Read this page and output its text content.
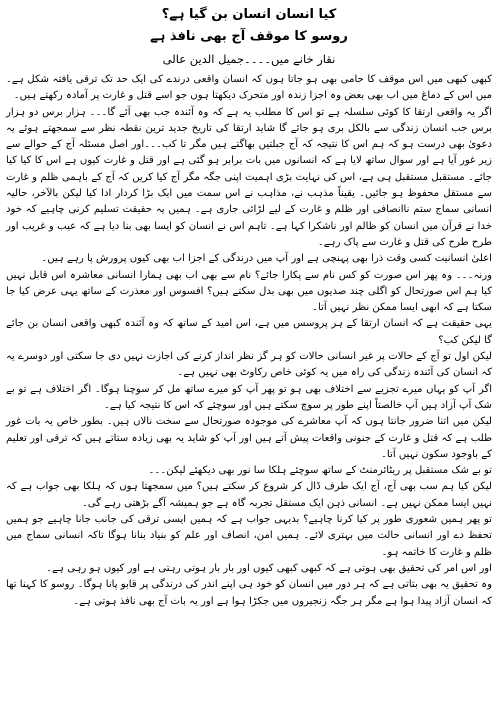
کیا انسان انسان بن گیا ہے؟
روسو کا موقف آج بھی نافذ ہے
نقار خانے میں۔۔۔۔جمیل الدین عالی

کبھی کبھی میں اس موقف کا حامی بھی ہو جاتا ہوں کہ انسان واقعی درندے کی ایک حد تک ترقی یافتہ شکل ہے۔ میں اس کے دماغ میں اب بھی بعض وہ اجزا زندہ اور متحرک دیکھتا ہوں جو اسے قتل و غارت پر آمادہ رکھتے ہیں۔

اگر یہ واقعی ارتقا کا کوئی سلسلہ ہے تو اس کا مطلب یہ ہے کہ وہ آئندہ جب بھی آئے گا۔۔۔ ہزار برس دو ہزار برس جب انسان زندگی سے بالکل بری ہو جائے گا شاید ارتقا کی تاریخ جدید ترین نقطہ نظر سے سمجھتے ہوئے یہ دعویٰ بھی درست ہو کہ ہم اس کا نتیجہ کہ آج جبلتیں بھاگتے ہیں مگر تا کب۔۔۔اور اصل مسئلہ آج کے حوالے سے زیر غور آیا ہے اور سوال ساتھ لایا ہے کہ انسانوں میں بات برابر ہو گئی ہے اور قتل و غارت کیوں ہے اس کا کیا کیا جائے۔ مستقبل مستقبل ہی ہے، اس کی نہایت بڑی اہمیت اپنی جگہ مگر آج کیا کریں کہ آج کے باہمی ظلم و غارت سے مستقل محفوظ ہو جائیں۔ یقیناً مذہب نے، مذاہب نے اس سمت میں ایک بڑا کردار ادا کیا لیکن بالآخر، حالیہ انسانی سماج ستم ناانصافی اور ظلم و غارت کے لیے لڑائی جاری ہے۔ ہمیں یہ حقیقت تسلیم کرنی چاہیے کہ خود خدا نے قرآن میں انسان کو ظالم اور ناشکرا کہا ہے۔ تاہم اس نے انسان کو ایسا بھی بنا دیا ہے کہ عیب و غریب اور طرح طرح کی قتل و غارت سے پاک رہے۔

اعلیٰ انسانیت کسی وقت ذرا بھی پہنچی ہے اور آپ میں درندگی کے اجزا اب بھی کیوں پرورش پا رہے ہیں۔

ورنہ۔۔۔ وہ پھر اس صورت کو کس نام سے پکارا جائے؟ نام سے بھی اب بھی ہمارا انسانی معاشرہ اس قابل نہیں کیا ہم اس صورتحال کو اگلی چند صدیوں میں بھی بدل سکتے ہیں؟ افسوس اور معذرت کے ساتھ یہی عرض کیا جا سکتا ہے کہ ابھی ایسا ممکن نظر نہیں آتا۔

یہی حقیقت ہے کہ انسان ارتقا کے ہر پروسس میں ہے، اس امید کے ساتھ کہ وہ آئندہ کبھی واقعی انسان بن جائے گا لیکن کب؟

لیکن اول تو آج کے حالات پر غیر انسانی حالات کو ہر گز نظر انداز کرنے کی اجازت نہیں دی جا سکتی اور دوسرے یہ کہ انسان کی آئندہ زندگی کی راہ میں یہ کوئی خاص رکاوٹ بھی نہیں ہے۔

اگر آپ کو یہاں میرے تجزیے سے اختلاف بھی ہو تو پھر آپ کو میرے ساتھ مل کر سوچنا ہوگا۔ اگر اختلاف ہے تو بے شک آپ آزاد ہیں آپ خالصتاً اپنے طور پر سوچ سکتے ہیں اور سوچئے کہ اس کا نتیجہ کیا ہے۔

لیکن میں اتنا ضرور جانتا ہوں کہ آپ معاشرے کی موجودہ صورتحال سے سخت نالاں ہیں۔ بطور خاص یہ بات غور طلب ہے کہ قتل و غارت کے جنونی واقعات پیش آتے ہیں اور آپ کو شاید یہ بھی زیادہ ستاتے ہیں کہ ترقی اور تعلیم کے باوجود سکون نہیں آتا۔

تو بے شک مستقبل پر ریٹائرمنٹ کے ساتھ سوچئے ہلکا سا نور بھی دیکھئے لیکن۔۔۔

لیکن کیا ہم سب بھی آج، آج ایک طرف ڈال کر شروع کر سکتے ہیں؟ میں سمجھتا ہوں کہ ہلکا بھی جواب ہے کہ نہیں ایسا ممکن نہیں ہے۔ انسانی ذہن ایک مستقل تجربہ گاہ ہے جو ہمیشہ آگے بڑھتی رہے گی۔

تو پھر ہمیں شعوری طور پر کیا کرنا چاہیے؟ بدیہی جواب ہے کہ ہمیں ایسی ترقی کی جانب جانا چاہیے جو ہمیں تحفظ دے اور انسانی حالت میں بہتری لائے۔ ہمیں امن، انصاف اور علم کو بنیاد بنانا ہوگا تاکہ انسانی سماج میں ظلم و غارت کا خاتمہ ہو۔

اور اس امر کی تحقیق بھی ہوتی ہے کہ کبھی کبھی کیوں اور بار بار ہوتی رہتی ہے اور کیوں ہو رہی ہے۔

وہ تحقیق یہ بھی بتاتی ہے کہ ہر دور میں انسان کو خود ہی اپنے اندر کی درندگی پر قابو پانا ہوگا۔ روسو کا کہنا تھا کہ انسان آزاد پیدا ہوا ہے مگر ہر جگہ زنجیروں میں جکڑا ہوا ہے اور یہ بات آج بھی نافذ ہوتی ہے۔
